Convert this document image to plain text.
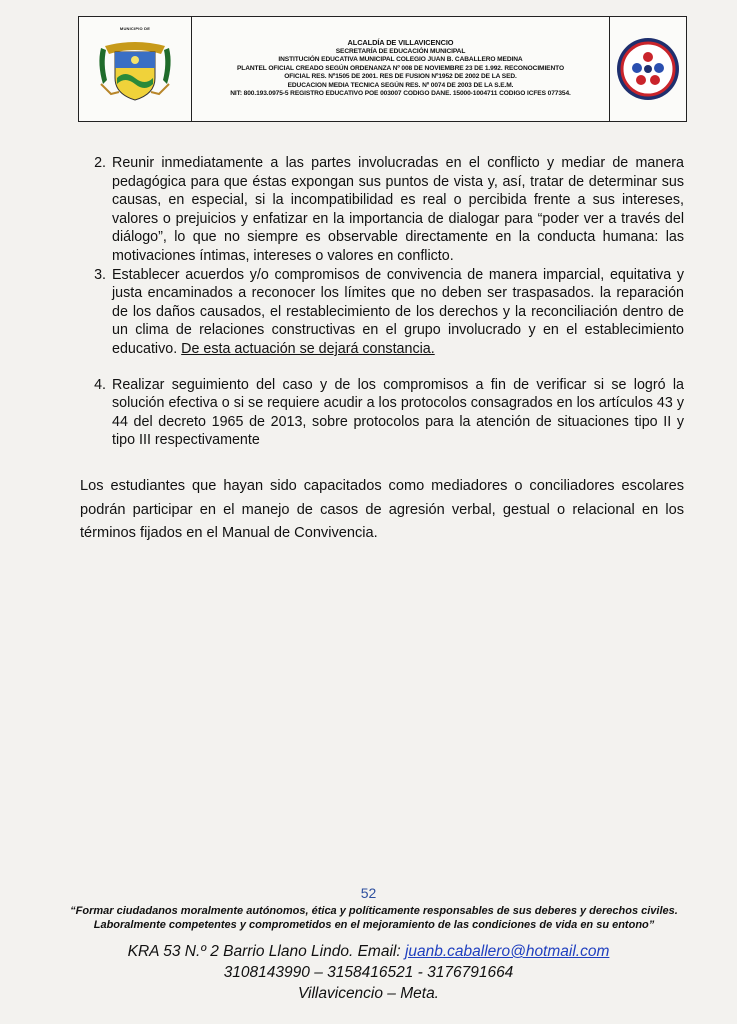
MUNICIPIO DE
ALCALDÍA DE VILLAVICENCIO
SECRETARÍA DE EDUCACIÓN MUNICIPAL
INSTITUCIÓN EDUCATIVA MUNICIPAL COLEGIO JUAN B. CABALLERO MEDINA
PLANTEL OFICIAL CREADO SEGÚN ORDENANZA Nº 008 DE NOVIEMBRE 23 DE 1.992. RECONOCIMIENTO
OFICIAL RES. Nº1505 DE 2001. RES DE FUSION Nº1952 DE 2002 DE LA SED.
EDUCACION MEDIA TECNICA SEGÚN RES. Nº 0074 DE 2003 DE LA S.E.M.
NIT: 800.193.0975-5 REGISTRO EDUCATIVO POE 003007 CODIGO DANE. 15000-1004711 CODIGO ICFES 077354.
2. Reunir inmediatamente a las partes involucradas en el conflicto y mediar de manera pedagógica para que éstas expongan sus puntos de vista y, así, tratar de determinar sus causas, en especial, si la incompatibilidad es real o percibida frente a sus intereses, valores o prejuicios y enfatizar en la importancia de dialogar para “poder ver a través del diálogo”, lo que no siempre es observable directamente en la conducta humana: las motivaciones íntimas, intereses o valores en conflicto.
3. Establecer acuerdos y/o compromisos de convivencia de manera imparcial, equitativa y justa encaminados a reconocer los límites que no deben ser traspasados. la reparación de los daños causados, el restablecimiento de los derechos y la reconciliación dentro de un clima de relaciones constructivas en el grupo involucrado y en el establecimiento educativo. De esta actuación se dejará constancia.
4. Realizar seguimiento del caso y de los compromisos a fin de verificar si se logró la solución efectiva o si se requiere acudir a los protocolos consagrados en los artículos 43 y 44 del decreto 1965 de 2013, sobre protocolos para la atención de situaciones tipo II y tipo III respectivamente
Los estudiantes que hayan sido capacitados como mediadores o conciliadores escolares podrán participar en el manejo de casos de agresión verbal, gestual o relacional en los términos fijados en el Manual de Convivencia.
52
“Formar ciudadanos moralmente autónomos, ética y políticamente responsables de sus deberes y derechos civiles. Laboralmente competentes y comprometidos en el mejoramiento de las condiciones de vida en su entono”
KRA 53 N.º 2 Barrio Llano Lindo. Email: juanb.caballero@hotmail.com
3108143990 – 3158416521 - 3176791664
Villavicencio – Meta.
